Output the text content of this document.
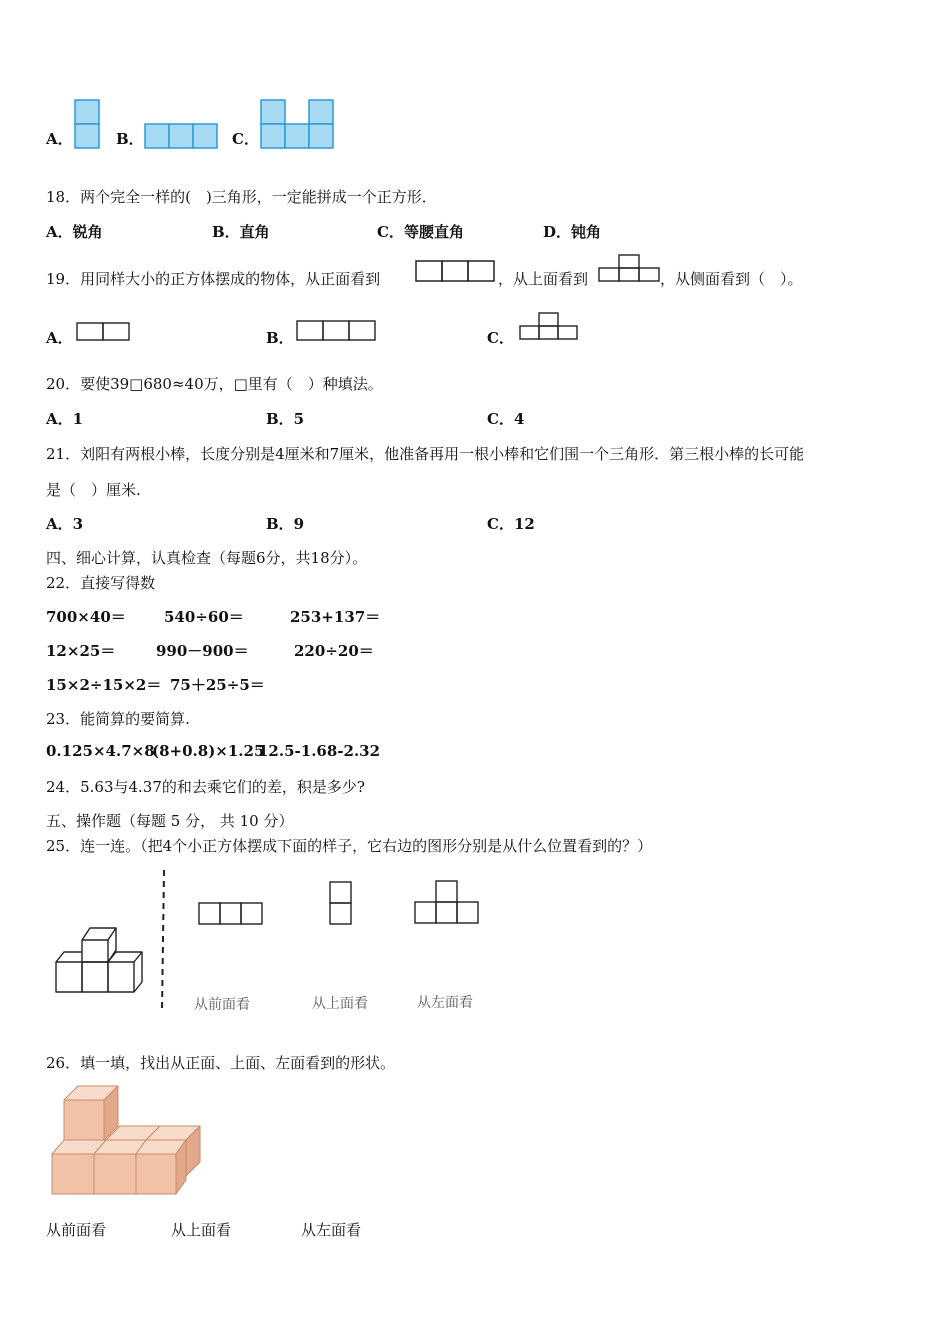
A．	B．	C．
18．两个完全一样的(　)三角形，一定能拼成一个正方形．
A．锐角	B．直角	C．等腰直角	D．钝角
19．用同样大小的正方体摆成的物体，从正面看到	，从上面看到	，从侧面看到（　）。
A．	B．	C．
20．要使39□680≈40万，□里有（　）种填法。
A．1	B．5	C．4
21．刘阳有两根小棒，长度分别是4厘米和7厘米，他准备再用一根小棒和它们围一个三角形．第三根小棒的长可能
是（　）厘米.
A．3	B．9	C．12
四、细心计算，认真检查（每题6分，共18分）。
22．直接写得数
700×40＝	540÷60＝	253+137＝
12×25＝	990－900＝	220÷20＝
15×2÷15×2＝ 75＋25÷5＝
23．能简算的要简算.
0.125×4.7×8
(8+0.8)×1.25
12.5-1.68-2.32
24．5.63与4.37的和去乘它们的差，积是多少?
五、操作题（每题 5 分， 共 10 分）
25．连一连。（把4个小正方体摆成下面的样子，它右边的图形分别是从什么位置看到的？）
从前面看	从上面看	从左面看
26．填一填，找出从正面、上面、左面看到的形状。
从前面看	从上面看	从左面看
